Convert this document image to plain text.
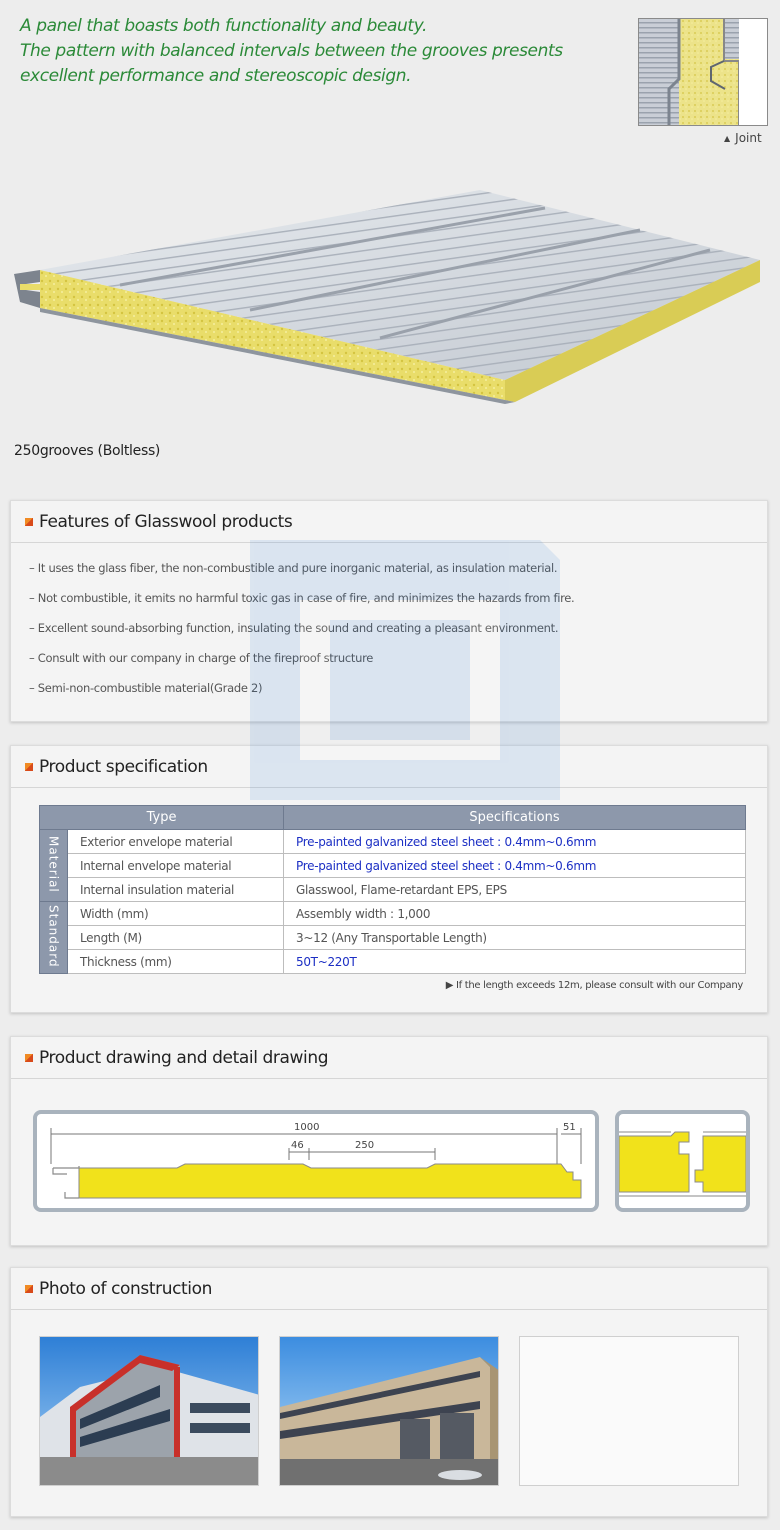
A panel that boasts both functionality and beauty.

The pattern with balanced intervals between the grooves presents

excellent performance and stereoscopic design.

▲ Joint
250grooves (Boltless)
Features of Glasswool products
– It uses the glass fiber, the non-combustible and pure inorganic material, as insulation material.
– Not combustible, it emits no harmful toxic gas in case of fire, and minimizes the hazards from fire.
– Excellent sound-absorbing function, insulating the sound and creating a pleasant environment.
– Consult with our company in charge of the fireproof structure
– Semi-non-combustible material(Grade 2)
Product specification
Type		Specifications
Material	Exterior envelope material	Pre-painted galvanized steel sheet : 0.4mm~0.6mm
	Internal envelope material	Pre-painted galvanized steel sheet : 0.4mm~0.6mm
	Internal insulation material	Glasswool, Flame-retardant EPS, EPS
Standard	Width (mm)	Assembly width : 1,000
	Length (M)	3~12 (Any Transportable Length)
	Thickness (mm)	50T~220T
▶ If the length exceeds 12m, please consult with our Company
Product drawing and detail drawing
1000	51
46	250
Photo of construction
